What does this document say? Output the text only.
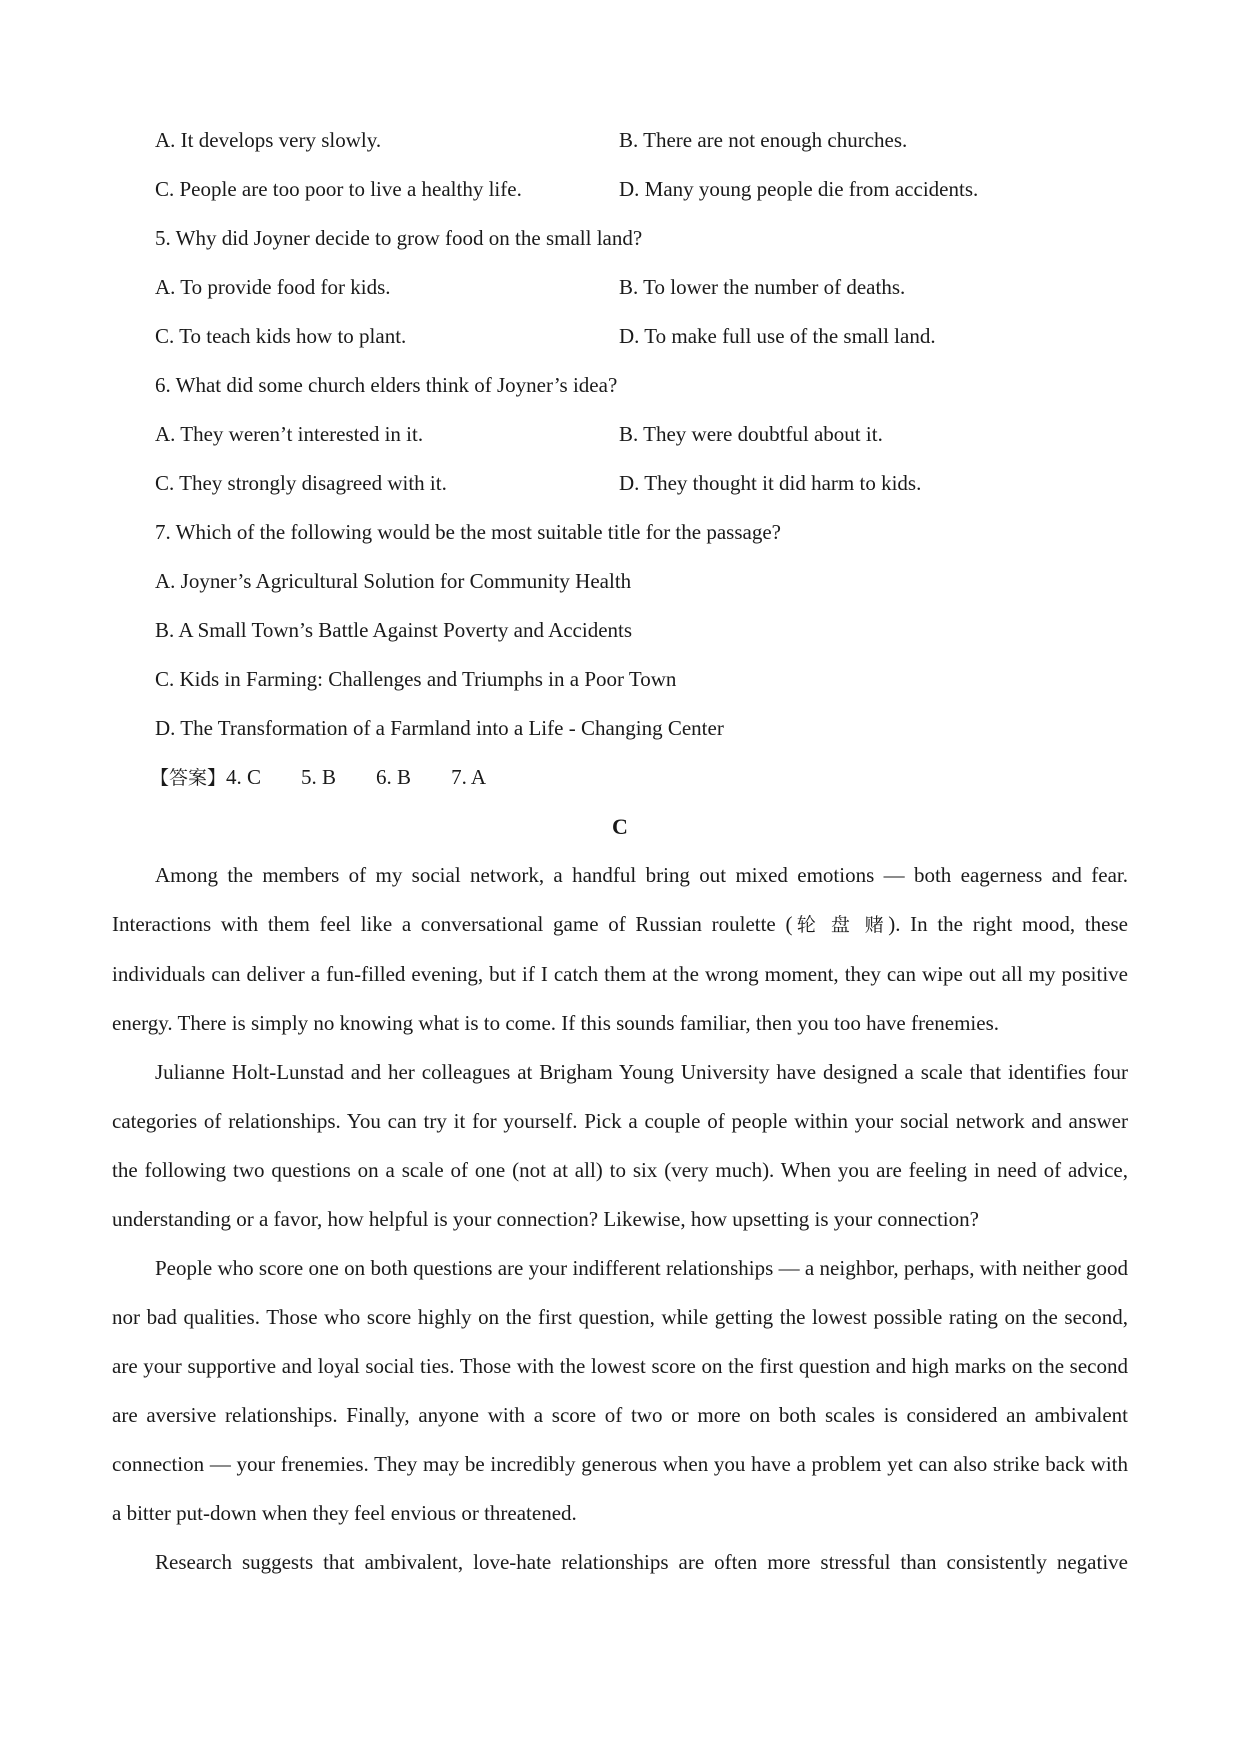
A. It develops very slowly.	B. There are not enough churches.
C. People are too poor to live a healthy life.	D. Many young people die from accidents.
5. Why did Joyner decide to grow food on the small land?
A. To provide food for kids.	B. To lower the number of deaths.
C. To teach kids how to plant.	D. To make full use of the small land.
6. What did some church elders think of Joyner’s idea?
A. They weren’t interested in it.	B. They were doubtful about it.
C. They strongly disagreed with it.	D. They thought it did harm to kids.
7. Which of the following would be the most suitable title for the passage?
A. Joyner’s Agricultural Solution for Community Health
B. A Small Town’s Battle Against Poverty and Accidents
C. Kids in Farming: Challenges and Triumphs in a Poor Town
D. The Transformation of a Farmland into a Life - Changing Center
【答案】4. C 5. B 6. B 7. A
C

Among the members of my social network, a handful bring out mixed emotions — both eagerness and fear. Interactions with them feel like a conversational game of Russian roulette (轮 盘 赌). In the right mood, these individuals can deliver a fun-filled evening, but if I catch them at the wrong moment, they can wipe out all my positive energy. There is simply no knowing what is to come. If this sounds familiar, then you too have frenemies.

Julianne Holt-Lunstad and her colleagues at Brigham Young University have designed a scale that identifies four categories of relationships. You can try it for yourself. Pick a couple of people within your social network and answer the following two questions on a scale of one (not at all) to six (very much). When you are feeling in need of advice, understanding or a favor, how helpful is your connection? Likewise, how upsetting is your connection?

People who score one on both questions are your indifferent relationships — a neighbor, perhaps, with neither good nor bad qualities. Those who score highly on the first question, while getting the lowest possible rating on the second, are your supportive and loyal social ties. Those with the lowest score on the first question and high marks on the second are aversive relationships. Finally, anyone with a score of two or more on both scales is considered an ambivalent connection — your frenemies. They may be incredibly generous when you have a problem yet can also strike back with a bitter put-down when they feel envious or threatened.

Research suggests that ambivalent, love-hate relationships are often more stressful than consistently negative
